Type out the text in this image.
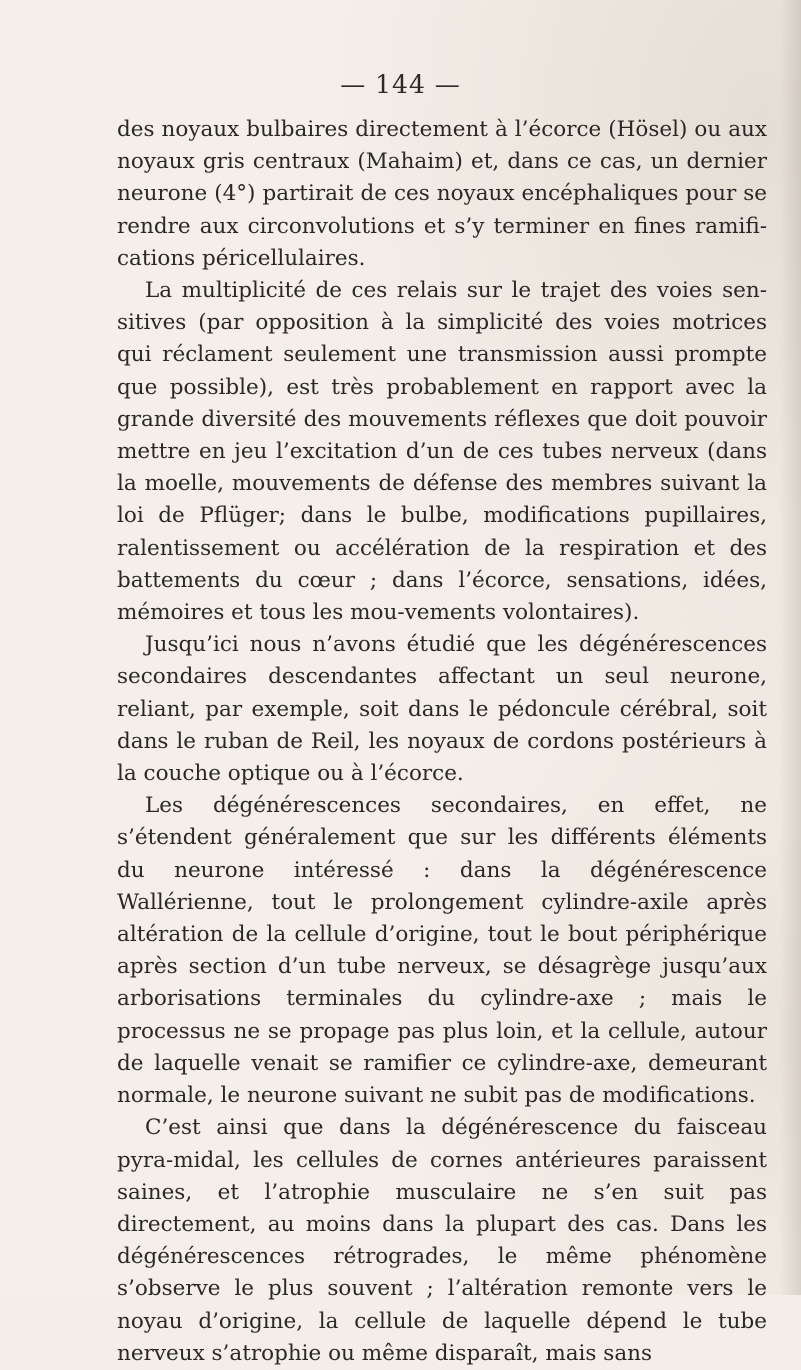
— 144 —

des noyaux bulbaires directement à l’écorce (Hösel) ou aux noyaux gris centraux (Mahaim) et, dans ce cas, un dernier neurone (4°) partirait de ces noyaux encéphaliques pour se rendre aux circonvolutions et s’y terminer en fines ramifi-cations péricellulaires.

La multiplicité de ces relais sur le trajet des voies sen-sitives (par opposition à la simplicité des voies motrices qui réclament seulement une transmission aussi prompte que possible), est très probablement en rapport avec la grande diversité des mouvements réflexes que doit pouvoir mettre en jeu l’excitation d’un de ces tubes nerveux (dans la moelle, mouvements de défense des membres suivant la loi de Pflüger; dans le bulbe, modifications pupillaires, ralentissement ou accélération de la respiration et des battements du cœur ; dans l’écorce, sensations, idées, mémoires et tous les mou-vements volontaires).

Jusqu’ici nous n’avons étudié que les dégénérescences secondaires descendantes affectant un seul neurone, reliant, par exemple, soit dans le pédoncule cérébral, soit dans le ruban de Reil, les noyaux de cordons postérieurs à la couche optique ou à l’écorce.

Les dégénérescences secondaires, en effet, ne s’étendent généralement que sur les différents éléments du neurone intéressé : dans la dégénérescence Wallérienne, tout le prolongement cylindre-axile après altération de la cellule d’origine, tout le bout périphérique après section d’un tube nerveux, se désagrège jusqu’aux arborisations terminales du cylindre-axe ; mais le processus ne se propage pas plus loin, et la cellule, autour de laquelle venait se ramifier ce cylindre-axe, demeurant normale, le neurone suivant ne subit pas de modifications.

C’est ainsi que dans la dégénérescence du faisceau pyra-midal, les cellules de cornes antérieures paraissent saines, et l’atrophie musculaire ne s’en suit pas directement, au moins dans la plupart des cas. Dans les dégénérescences rétrogrades, le même phénomène s’observe le plus souvent ; l’altération remonte vers le noyau d’origine, la cellule de laquelle dépend le tube nerveux s’atrophie ou même disparaît, mais sans
